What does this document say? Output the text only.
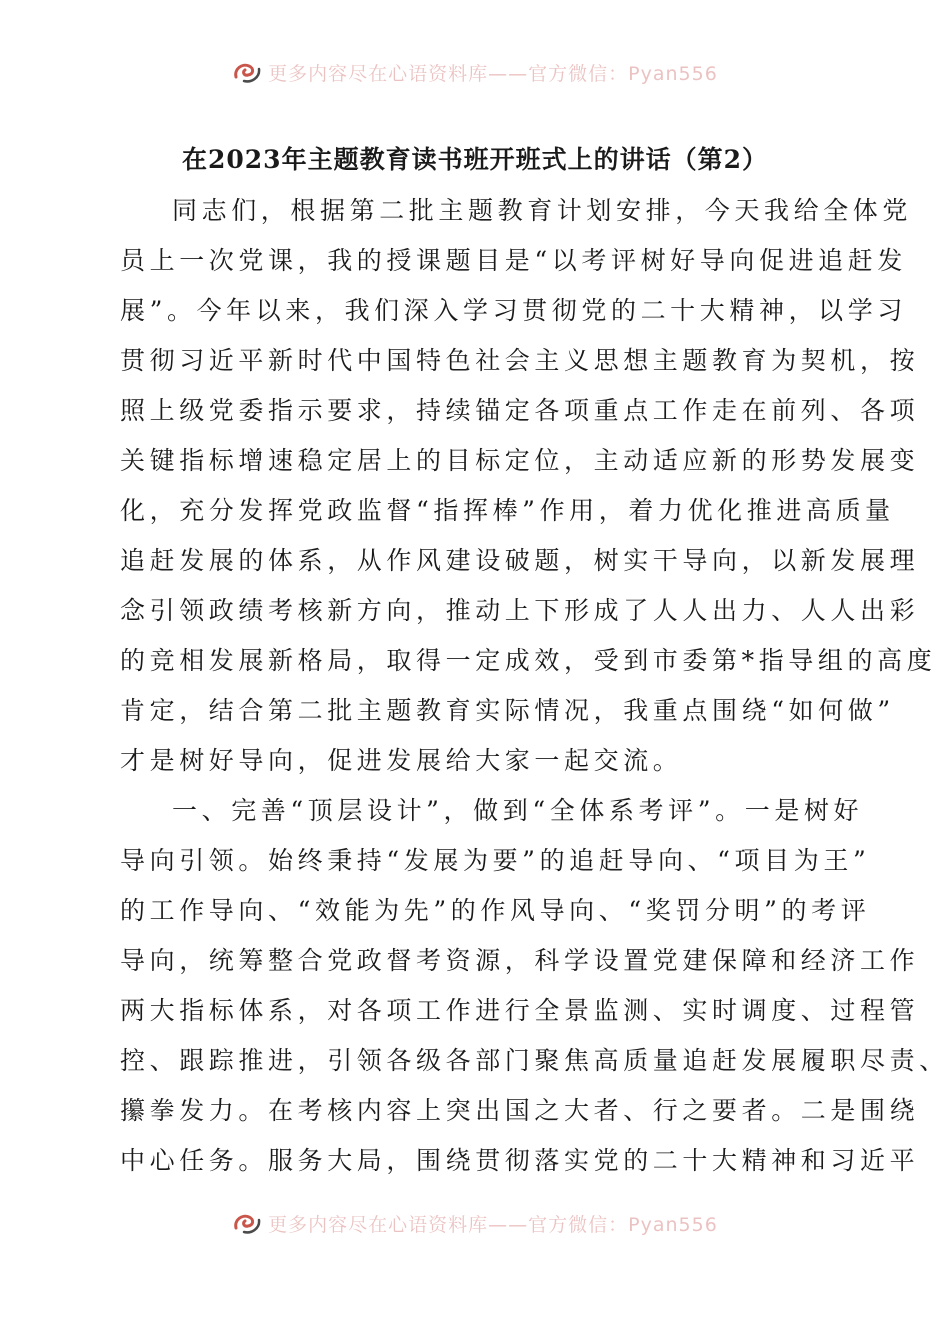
更多内容尽在心语资料库——官方微信：Pyan556
在2023年主题教育读书班开班式上的讲话（第2）
同志们，根据第二批主题教育计划安排，今天我给全体党
员上一次党课，我的授课题目是“以考评树好导向促进追赶发
展”。今年以来，我们深入学习贯彻党的二十大精神，以学习
贯彻习近平新时代中国特色社会主义思想主题教育为契机，按
照上级党委指示要求，持续锚定各项重点工作走在前列、各项
关键指标增速稳定居上的目标定位，主动适应新的形势发展变
化，充分发挥党政监督“指挥棒”作用，着力优化推进高质量
追赶发展的体系，从作风建设破题，树实干导向，以新发展理
念引领政绩考核新方向，推动上下形成了人人出力、人人出彩
的竞相发展新格局，取得一定成效，受到市委第*指导组的高度
肯定，结合第二批主题教育实际情况，我重点围绕“如何做”
才是树好导向，促进发展给大家一起交流。
一、完善“顶层设计”，做到“全体系考评”。一是树好
导向引领。始终秉持“发展为要”的追赶导向、“项目为王”
的工作导向、“效能为先”的作风导向、“奖罚分明”的考评
导向，统筹整合党政督考资源，科学设置党建保障和经济工作
两大指标体系，对各项工作进行全景监测、实时调度、过程管
控、跟踪推进，引领各级各部门聚焦高质量追赶发展履职尽责、
攥拳发力。在考核内容上突出国之大者、行之要者。二是围绕
中心任务。服务大局，围绕贯彻落实党的二十大精神和习近平
更多内容尽在心语资料库——官方微信：Pyan556
